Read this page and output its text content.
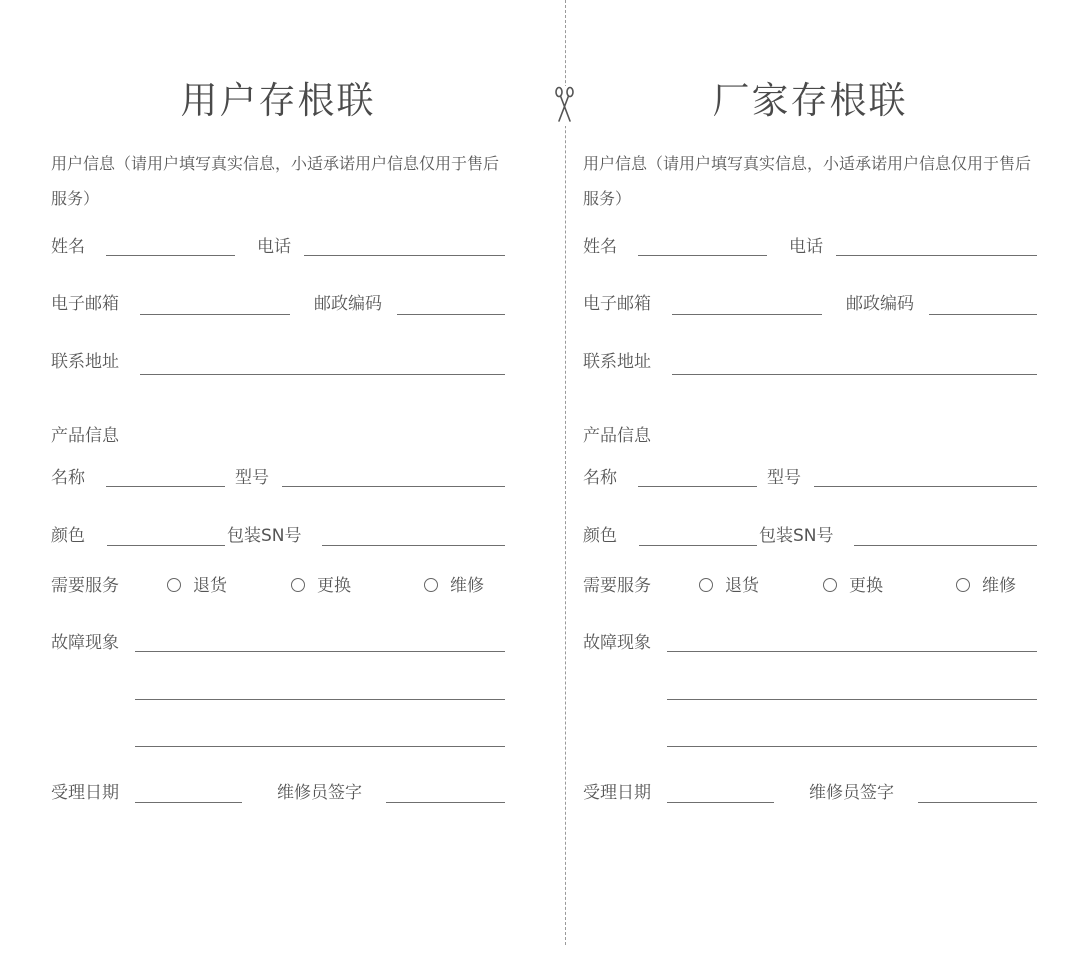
用户存根联

用户信息（请用户填写真实信息，小适承诺用户信息仅用于售后服务）

姓名	电话
电子邮箱	邮政编码
联系地址
产品信息
名称	型号
颜色	包装SN号
需要服务	退货	更换	维修
故障现象
受理日期	维修员签字
厂家存根联

用户信息（请用户填写真实信息，小适承诺用户信息仅用于售后服务）

姓名	电话
电子邮箱	邮政编码
联系地址
产品信息
名称	型号
颜色	包装SN号
需要服务	退货	更换	维修
故障现象
受理日期	维修员签字
